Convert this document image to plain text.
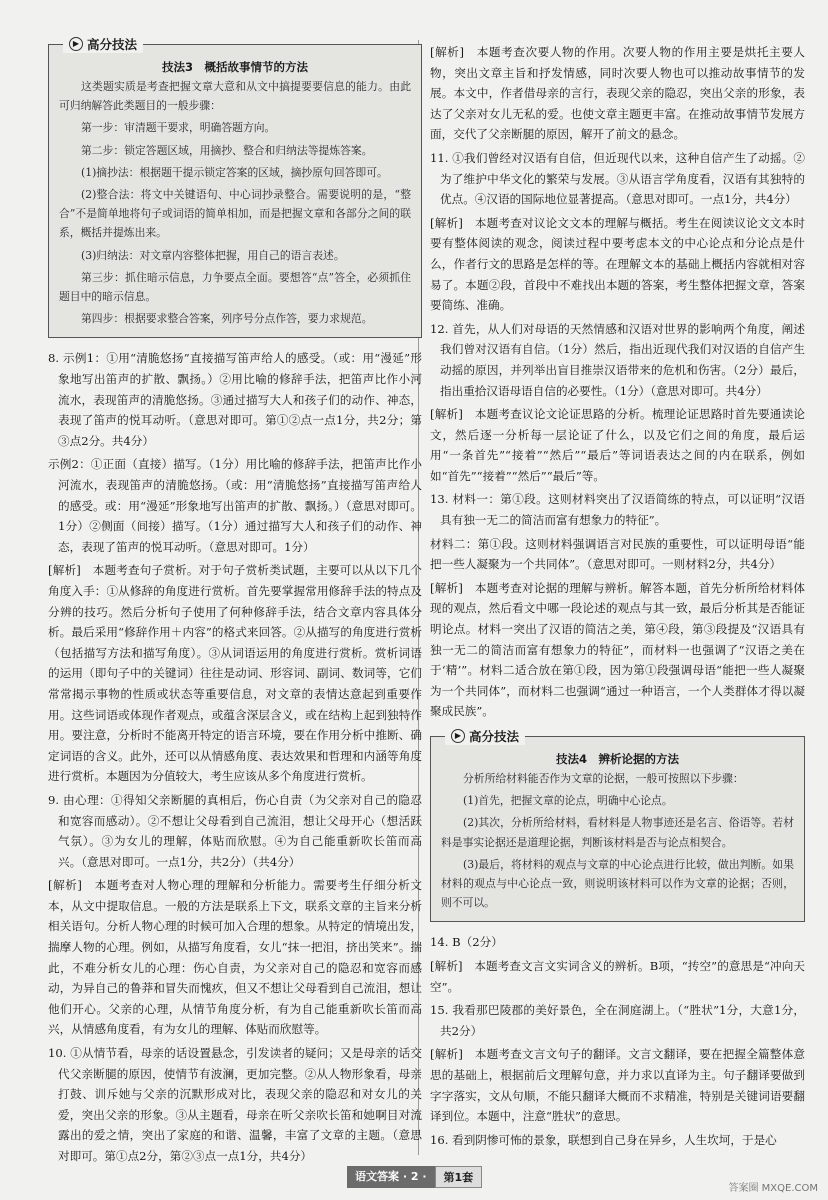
▶ 高分技法
技法3　概括故事情节的方法

这类题实质是考查把握文章大意和从文中搞提要要信息的能力。由此可归纳解答此类题目的一般步骤：

第一步：审清题干要求，明确答题方向。

第二步：锁定答题区域，用摘抄、整合和归纳法等提炼答案。

(1)摘抄法：根据题干提示锁定答案的区域，摘抄原句回答即可。

(2)整合法：将文中关键语句、中心词抄录整合。需要说明的是，“整合”不是简单地将句子或词语的简单相加，而是把握文章和各部分之间的联系，概括并提炼出来。

(3)归纳法：对文章内容整体把握，用自己的语言表述。

第三步：抓住暗示信息，力争要点全面。要想答“点”答全，必须抓住题目中的暗示信息。

第四步：根据要求整合答案，列序号分点作答，要力求规范。

8. 示例1：①用“清脆悠扬”直接描写笛声给人的感受。（或：用“漫延”形象地写出笛声的扩散、飘扬。）②用比喻的修辞手法，把笛声比作小河流水，表现笛声的清脆悠扬。③通过描写大人和孩子们的动作、神态，表现了笛声的悦耳动听。（意思对即可。第①②点一点1分，共2分；第③点2分。共4分）

示例2：①正面（直接）描写。（1分）用比喻的修辞手法，把笛声比作小河流水，表现笛声的清脆悠扬。（或：用“清脆悠扬”直接描写笛声给人的感受。或：用“漫延”形象地写出笛声的扩散、飘扬。）（意思对即可。1分）②侧面（间接）描写。（1分）通过描写大人和孩子们的动作、神态，表现了笛声的悦耳动听。（意思对即可。1分）

[解析]　本题考查句子赏析。对于句子赏析类试题，主要可以从以下几个角度入手：①从修辞的角度进行赏析。首先要掌握常用修辞手法的特点及分辨的技巧。然后分析句子使用了何种修辞手法，结合文章内容具体分析。最后采用“修辞作用＋内容”的格式来回答。②从描写的角度进行赏析（包括描写方法和描写角度）。③从词语运用的角度进行赏析。赏析词语的运用（即句子中的关键词）往往是动词、形容词、副词、数词等，它们常常揭示事物的性质或状态等重要信息，对文章的表情达意起到重要作用。这些词语或体现作者观点，或蕴含深层含义，或在结构上起到独特作用。要注意，分析时不能离开特定的语言环境，要在作用分析中推断、确定词语的含义。此外，还可以从情感角度、表达效果和哲理和内涵等角度进行赏析。本题因为分值较大，考生应该从多个角度进行赏析。

9. 由心理：①得知父亲断腿的真相后，伤心自责（为父亲对自己的隐忍和宽容而感动）。②不想让父母看到自己流泪，想让父母开心（想活跃气氛）。③为女儿的理解，体贴而欣慰。④为自己能重新吹长笛而高兴。（意思对即可。一点1分，共2分）（共4分）

[解析]　本题考查对人物心理的理解和分析能力。需要考生仔细分析文本，从文中提取信息。一般的方法是联系上下文，联系文章的主旨来分析相关语句。分析人物心理的时候可加入合理的想象。从特定的情境出发，揣摩人物的心理。例如，从描写角度看，女儿“抹一把泪，挤出笑来”。揣此，不难分析女儿的心理：伤心自责，为父亲对自己的隐忍和宽容而感动，为异自己的鲁莽和冒失而愧疚，但又不想让父母看到自己流泪，想让他们开心。父亲的心理，从情节角度分析，有为自己能重新吹长笛而高兴，从情感角度看，有为女儿的理解、体贴而欣慰等。

10. ①从情节看，母亲的话设置悬念，引发读者的疑问；又是母亲的话交代父亲断腿的原因，使情节有波澜，更加完整。②从人物形象看，母亲打鼓、训斥她与父亲的沉默形成对比，表现父亲的隐忍和对女儿的关爱，突出父亲的形象。③从主题看，母亲在听父亲吹长笛和她啊目对流露出的爱之情，突出了家庭的和谐、温馨，丰富了文章的主题。（意思对即可。第①点2分，第②③点一点1分，共4分）

[解析]　本题考查次要人物的作用。次要人物的作用主要是烘托主要人物，突出文章主旨和抒发情感，同时次要人物也可以推动故事情节的发展。本文中，作者借母亲的言行，表现父亲的隐忍，突出父亲的形象，表达了父亲对女儿无私的爱。也使文章主题更丰富。在推动故事情节发展方面，交代了父亲断腿的原因，解开了前文的悬念。

11. ①我们曾经对汉语有自信，但近现代以来，这种自信产生了动摇。②为了维护中华文化的繁荣与发展。③从语言学角度看，汉语有其独特的优点。④汉语的国际地位显著提高。（意思对即可。一点1分，共4分）

[解析]　本题考查对议论文文本的理解与概括。考生在阅读议论文文本时要有整体阅读的观念，阅读过程中要考虑本文的中心论点和分论点是什么，作者行文的思路是怎样的等。在理解文本的基础上概括内容就相对容易了。本题②段，首段中不难找出本题的答案，考生整体把握文章，答案要简练、准确。

12. 首先，从人们对母语的天然情感和汉语对世界的影响两个角度，阐述我们曾对汉语有自信。（1分）然后，指出近现代我们对汉语的自信产生动摇的原因，并列举出盲目推崇汉语带来的危机和伤害。（2分）最后，指出重拾汉语母语自信的必要性。（1分）（意思对即可。共4分）

[解析]　本题考查议论文论证思路的分析。梳理论证思路时首先要通读论文，然后逐一分析每一层论证了什么，以及它们之间的角度，最后运用“一条首先”“接着”“然后”“最后”等词语表达之间的内在联系，例如如“首先”“接着”“然后”“最后”等。

13. 材料一：第①段。这则材料突出了汉语简练的特点，可以证明“汉语具有独一无二的简洁而富有想象力的特征”。

材料二：第①段。这则材料强调语言对民族的重要性，可以证明母语“能把一些人凝聚为一个共同体”。（意思对即可。一则材料2分，共4分）

[解析]　本题考查对论据的理解与辨析。解答本题，首先分析所给材料体现的观点，然后看文中哪一段论述的观点与其一致，最后分析其是否能证明论点。材料一突出了汉语的简洁之美，第④段，第③段提及“汉语具有独一无二的简洁而富有想象力的特征”，而材料一也强调了“汉语之美在于‘精’”。材料二适合放在第①段，因为第①段强调母语“能把一些人凝聚为一个共同体”，而材料二也强调“通过一种语言，一个人类群体才得以凝聚成民族”。

▶ 高分技法
技法4　辨析论据的方法

分析所给材料能否作为文章的论据，一般可按照以下步骤：

(1)首先，把握文章的论点，明确中心论点。

(2)其次，分析所给材料，看材料是人物事迹还是名言、俗语等。若材料是事实论据还是道理论据，判断该材料是否与论点相契合。

(3)最后，将材料的观点与文章的中心论点进行比较，做出判断。如果材料的观点与中心论点一致，则说明该材料可以作为文章的论据；否则，则不可以。

14. B（2分）

[解析]　本题考查文言文实词含义的辨析。B项，“抟空”的意思是“冲向天空”。

15. 我看那巴陵郡的美好景色，全在洞庭湖上。（“胜状”1分，大意1分，共2分）

[解析]　本题考查文言文句子的翻译。文言文翻译，要在把握全篇整体意思的基础上，根据前后文理解句意，并力求以直译为主。句子翻译要做到字字落实，文从句顺，不能只翻译大概而不求精准，特别是关键词语要翻译到位。本题中，注意“胜状”的意思。

16. 看到阴惨可怖的景象，联想到自己身在异乡，人生坎坷，于是心

语文答案 · 2 ·	第1套
答案圈 MXQE.COM
